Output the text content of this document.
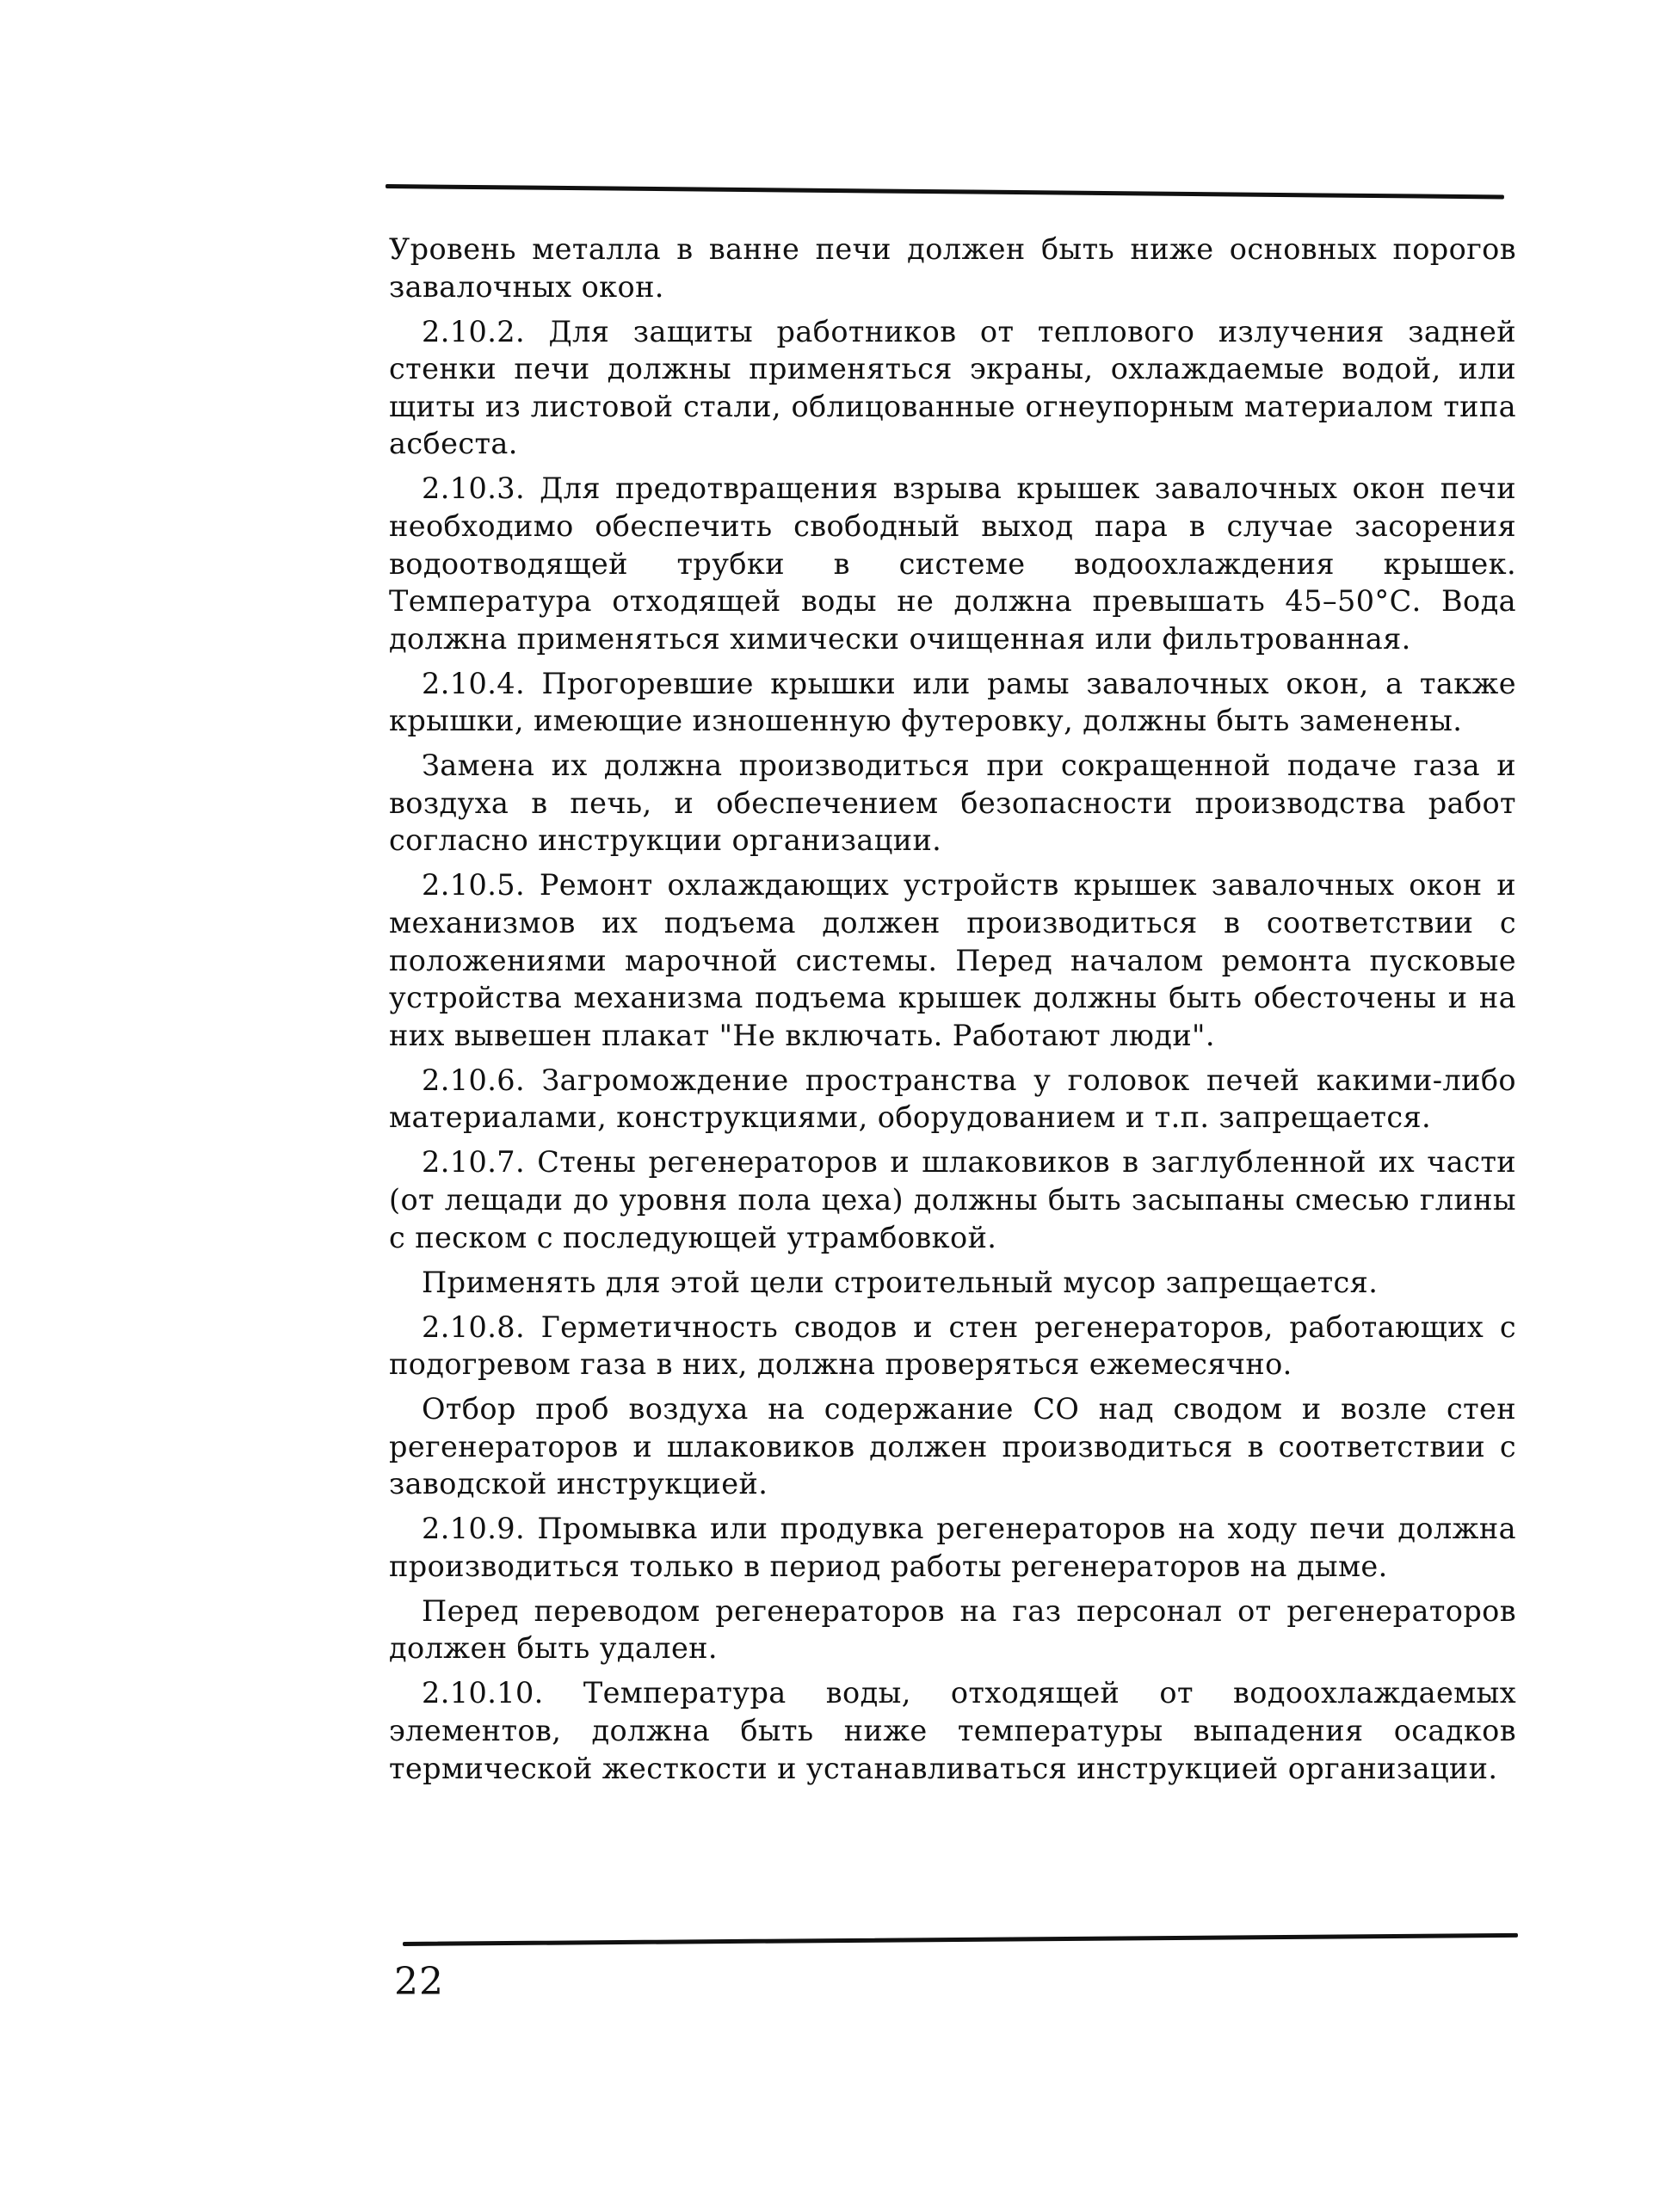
Уровень металла в ванне печи должен быть ниже основных порогов завалочных окон.

2.10.2. Для защиты работников от теплового излучения задней стенки печи должны применяться экраны, охлаждаемые водой, или щиты из листовой стали, облицованные огнеупорным материалом типа асбеста.

2.10.3. Для предотвращения взрыва крышек завалочных окон печи необходимо обеспечить свободный выход пара в случае засорения водоотводящей трубки в системе водоохлаждения крышек. Температура отходящей воды не должна превышать 45–50°С. Вода должна применяться химически очищенная или фильтрованная.

2.10.4. Прогоревшие крышки или рамы завалочных окон, а также крышки, имеющие изношенную футеровку, должны быть заменены.

Замена их должна производиться при сокращенной подаче газа и воздуха в печь, и обеспечением безопасности производства работ согласно инструкции организации.

2.10.5. Ремонт охлаждающих устройств крышек завалочных окон и механизмов их подъема должен производиться в соответствии с положениями марочной системы. Перед началом ремонта пусковые устройства механизма подъема крышек должны быть обесточены и на них вывешен плакат "Не включать. Работают люди".

2.10.6. Загромождение пространства у головок печей какими-либо материалами, конструкциями, оборудованием и т.п. запрещается.

2.10.7. Стены регенераторов и шлаковиков в заглубленной их части (от лещади до уровня пола цеха) должны быть засыпаны смесью глины с песком с последующей утрамбовкой.

Применять для этой цели строительный мусор запрещается.

2.10.8. Герметичность сводов и стен регенераторов, работающих с подогревом газа в них, должна проверяться ежемесячно.

Отбор проб воздуха на содержание СО над сводом и возле стен регенераторов и шлаковиков должен производиться в соответствии с заводской инструкцией.

2.10.9. Промывка или продувка регенераторов на ходу печи должна производиться только в период работы регенераторов на дыме.

Перед переводом регенераторов на газ персонал от регенераторов должен быть удален.

2.10.10. Температура воды, отходящей от водоохлаждаемых элементов, должна быть ниже температуры выпадения осадков термической жесткости и устанавливаться инструкцией организации.

22
